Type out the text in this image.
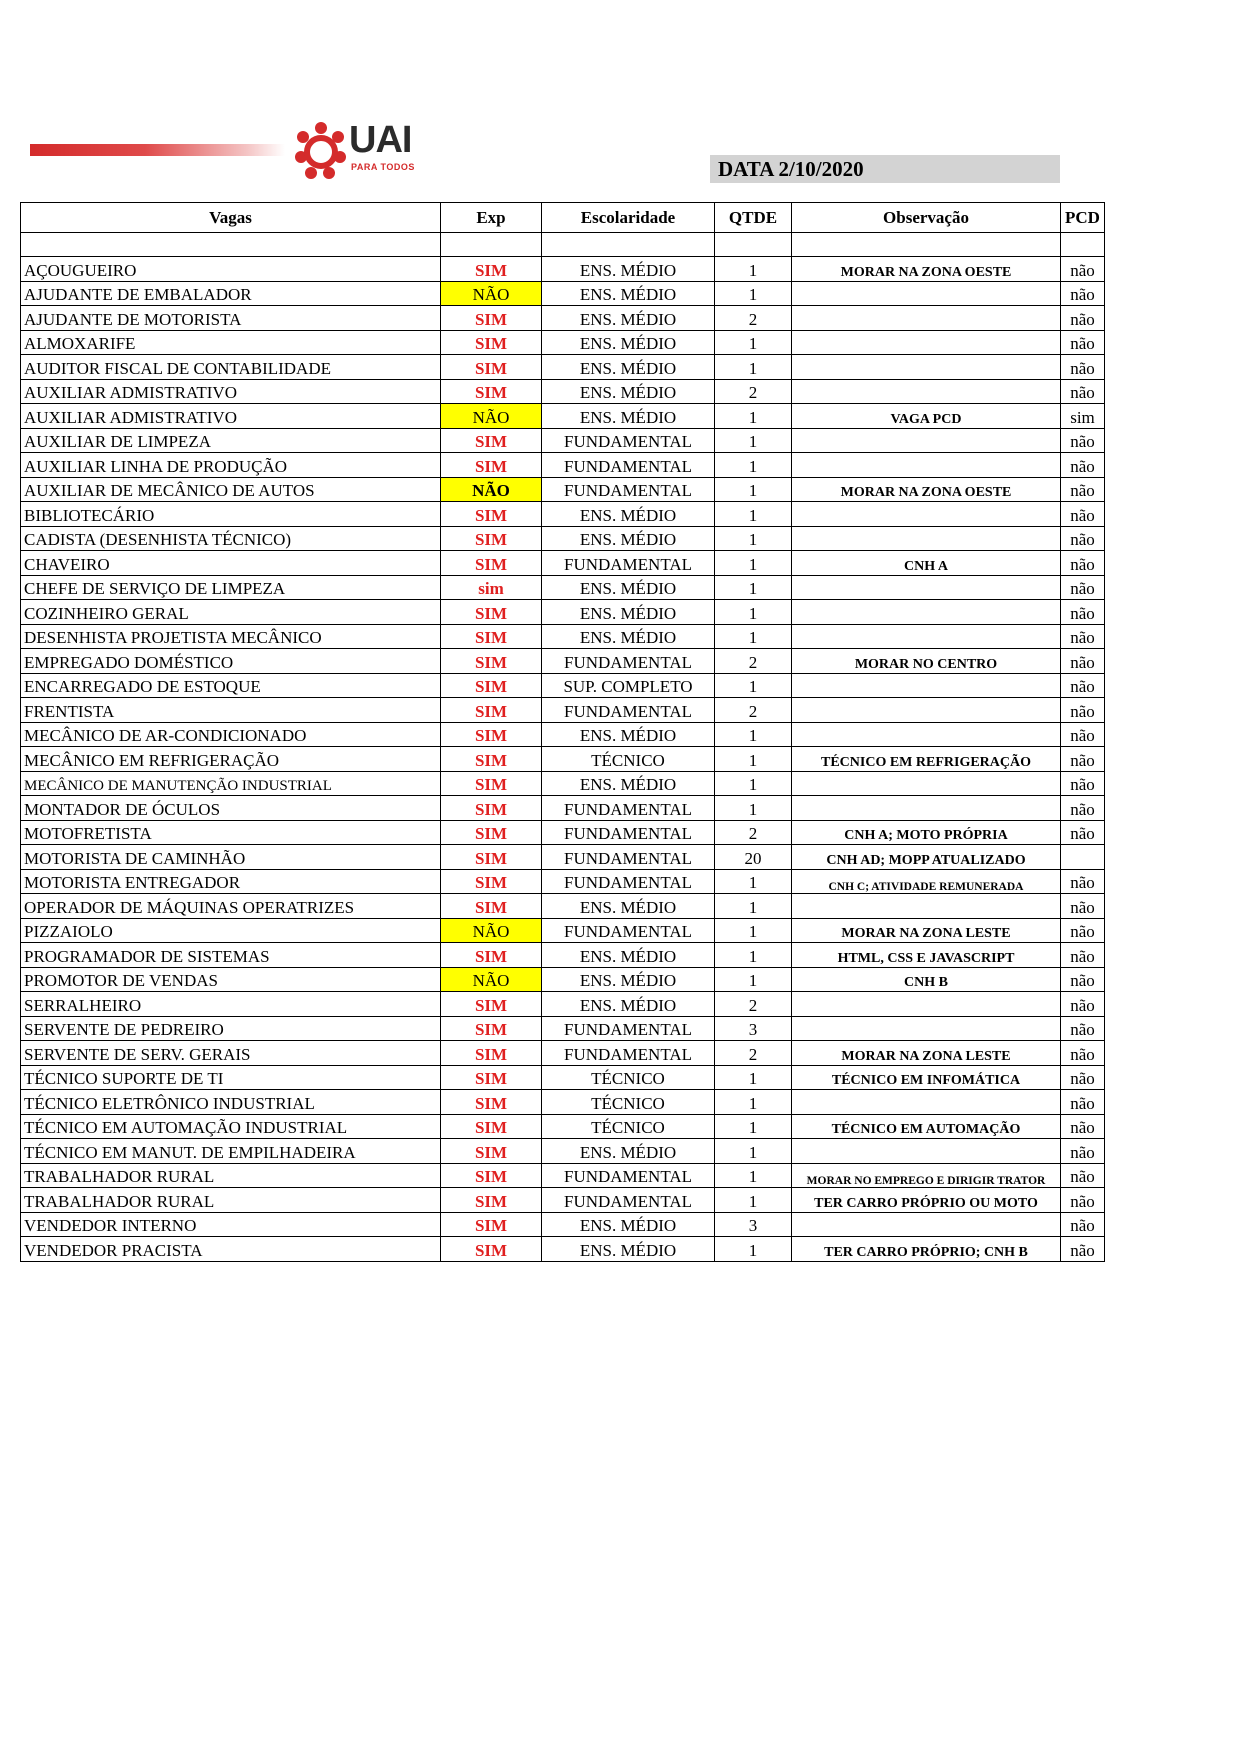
UAI
PARA TODOS	DATA 2/10/2020
Vagas	Exp	Escolaridade	QTDE	Observação	PCD

AÇOUGUEIRO	SIM	ENS. MÉDIO	1	MORAR NA ZONA OESTE	não
AJUDANTE DE EMBALADOR	NÃO	ENS. MÉDIO	1		não
AJUDANTE DE MOTORISTA	SIM	ENS. MÉDIO	2		não
ALMOXARIFE	SIM	ENS. MÉDIO	1		não
AUDITOR FISCAL DE CONTABILIDADE	SIM	ENS. MÉDIO	1		não
AUXILIAR ADMISTRATIVO	SIM	ENS. MÉDIO	2		não
AUXILIAR ADMISTRATIVO	NÃO	ENS. MÉDIO	1	VAGA PCD	sim
AUXILIAR DE LIMPEZA	SIM	FUNDAMENTAL	1		não
AUXILIAR LINHA DE PRODUÇÃO	SIM	FUNDAMENTAL	1		não
AUXILIAR DE MECÂNICO DE AUTOS	NÃO	FUNDAMENTAL	1	MORAR NA ZONA OESTE	não
BIBLIOTECÁRIO	SIM	ENS. MÉDIO	1		não
CADISTA (DESENHISTA TÉCNICO)	SIM	ENS. MÉDIO	1		não
CHAVEIRO	SIM	FUNDAMENTAL	1	CNH A	não
CHEFE DE SERVIÇO DE LIMPEZA	sim	ENS. MÉDIO	1		não
COZINHEIRO GERAL	SIM	ENS. MÉDIO	1		não
DESENHISTA PROJETISTA MECÂNICO	SIM	ENS. MÉDIO	1		não
EMPREGADO DOMÉSTICO	SIM	FUNDAMENTAL	2	MORAR NO CENTRO	não
ENCARREGADO DE ESTOQUE	SIM	SUP. COMPLETO	1		não
FRENTISTA	SIM	FUNDAMENTAL	2		não
MECÂNICO DE AR-CONDICIONADO	SIM	ENS. MÉDIO	1		não
MECÂNICO EM REFRIGERAÇÃO	SIM	TÉCNICO	1	TÉCNICO EM REFRIGERAÇÃO	não
MECÂNICO DE MANUTENÇÃO INDUSTRIAL	SIM	ENS. MÉDIO	1		não
MONTADOR DE ÓCULOS	SIM	FUNDAMENTAL	1		não
MOTOFRETISTA	SIM	FUNDAMENTAL	2	CNH A; MOTO PRÓPRIA	não
MOTORISTA DE CAMINHÃO	SIM	FUNDAMENTAL	20	CNH AD; MOPP ATUALIZADO	
MOTORISTA ENTREGADOR	SIM	FUNDAMENTAL	1	CNH C; ATIVIDADE REMUNERADA	não
OPERADOR DE MÁQUINAS OPERATRIZES	SIM	ENS. MÉDIO	1		não
PIZZAIOLO	NÃO	FUNDAMENTAL	1	MORAR NA ZONA LESTE	não
PROGRAMADOR DE SISTEMAS	SIM	ENS. MÉDIO	1	HTML, CSS E JAVASCRIPT	não
PROMOTOR DE VENDAS	NÃO	ENS. MÉDIO	1	CNH B	não
SERRALHEIRO	SIM	ENS. MÉDIO	2		não
SERVENTE DE PEDREIRO	SIM	FUNDAMENTAL	3		não
SERVENTE DE SERV. GERAIS	SIM	FUNDAMENTAL	2	MORAR NA ZONA LESTE	não
TÉCNICO SUPORTE DE TI	SIM	TÉCNICO	1	TÉCNICO EM INFOMÁTICA	não
TÉCNICO ELETRÔNICO INDUSTRIAL	SIM	TÉCNICO	1		não
TÉCNICO EM AUTOMAÇÃO INDUSTRIAL	SIM	TÉCNICO	1	TÉCNICO EM AUTOMAÇÃO	não
TÉCNICO EM MANUT. DE EMPILHADEIRA	SIM	ENS. MÉDIO	1		não
TRABALHADOR RURAL	SIM	FUNDAMENTAL	1	MORAR NO EMPREGO E DIRIGIR TRATOR	não
TRABALHADOR RURAL	SIM	FUNDAMENTAL	1	TER CARRO PRÓPRIO OU MOTO	não
VENDEDOR INTERNO	SIM	ENS. MÉDIO	3		não
VENDEDOR PRACISTA	SIM	ENS. MÉDIO	1	TER CARRO PRÓPRIO; CNH B	não
